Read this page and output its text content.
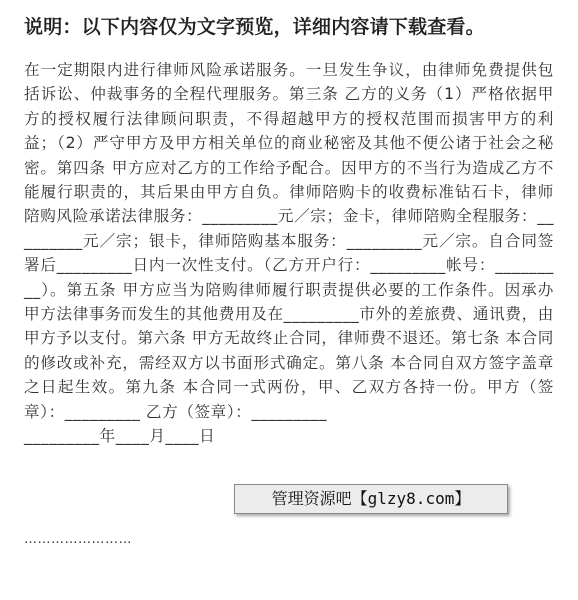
说明：以下内容仅为文字预览，详细内容请下载查看。
在一定期限内进行律师风险承诺服务。一旦发生争议，由律师免费提供包括诉讼、仲裁事务的全程代理服务。第三条 乙方的义务（1）严格依据甲方的授权履行法律顾问职责，不得超越甲方的授权范围而损害甲方的利益；（2）严守甲方及甲方相关单位的商业秘密及其他不便公诸于社会之秘密。第四条 甲方应对乙方的工作给予配合。因甲方的不当行为造成乙方不能履行职责的，其后果由甲方自负。律师陪购卡的收费标准钻石卡，律师陪购风险承诺法律服务：_________元／宗；金卡，律师陪购全程服务：_________元／宗；银卡，律师陪购基本服务：_________元／宗。自合同签署后_________日内一次性支付。（乙方开户行：_________帐号：_________）。第五条 甲方应当为陪购律师履行职责提供必要的工作条件。因承办甲方法律事务而发生的其他费用及在_________市外的差旅费、通讯费，由甲方予以支付。第六条 甲方无故终止合同，律师费不退还。第七条 本合同的修改或补充，需经双方以书面形式确定。第八条 本合同自双方签字盖章之日起生效。第九条 本合同一式两份，甲、乙双方各持一份。甲方（签章）：_________ 乙方（签章）：_________
_________年____月____日
管理资源吧【glzy8.com】
……………………
